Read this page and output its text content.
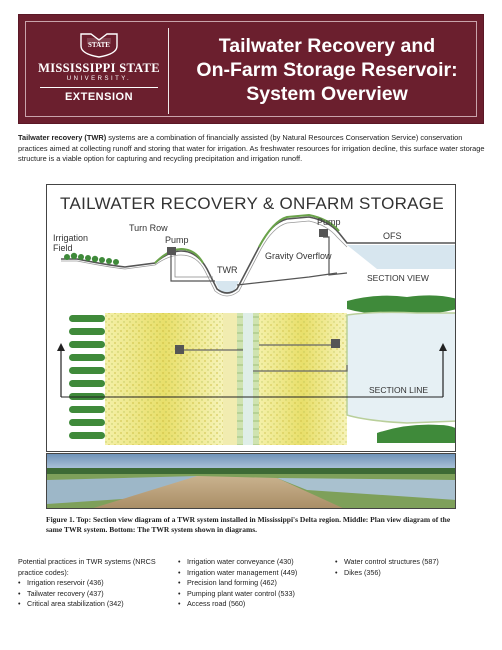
STATE
MISSISSIPPI STATE
UNIVERSITY.
EXTENSION
Tailwater Recovery and
On-Farm Storage Reservoir:
System Overview

Tailwater recovery (TWR) systems are a combination of financially assisted (by Natural Resources Conservation Service) conservation practices aimed at collecting runoff and storing that water for irrigation. As freshwater resources for irrigation decline, this surface water storage structure is a viable option for capturing and recycling precipitation and irrigation runoff.

TAILWATER RECOVERY & ONFARM STORAGE
Irrigation
Field
Turn Row
Pump
TWR
Gravity Overflow
Pump
OFS
SECTION VIEW
SECTION LINE

Figure 1. Top: Section view diagram of a TWR system installed in Mississippi's Delta region. Middle: Plan view diagram of the same TWR system. Bottom: The TWR system shown in diagrams.

Potential practices in TWR systems (NRCS practice codes):

• Irrigation reservoir (436)
• Tailwater recovery (437)
• Critical area stabilization (342)
• Irrigation water conveyance (430)
• Irrigation water management (449)
• Precision land forming (462)
• Pumping plant water control (533)
• Access road (560)
• Water control structures (587)
• Dikes (356)
